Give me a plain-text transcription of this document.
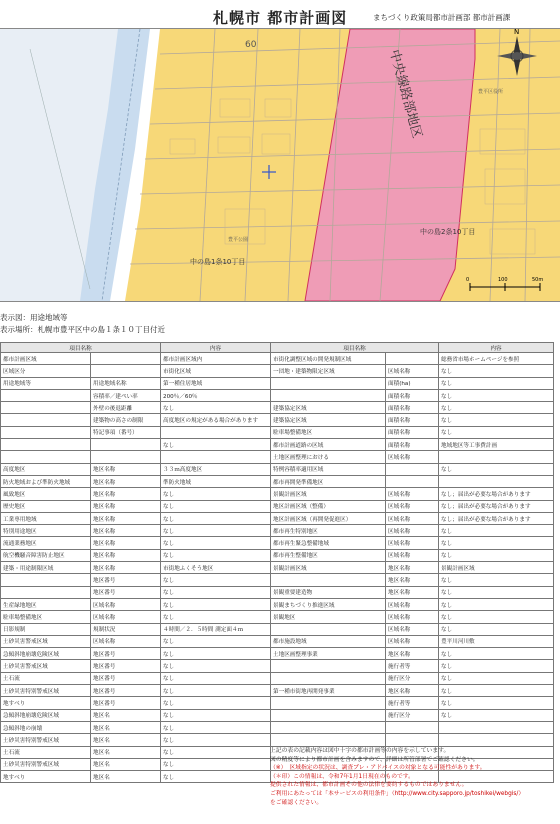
札幌市 都市計画図	まちづくり政策局都市計画部 都市計画課
60
中央線路部地区
中の島2条10丁目
中の島1条10丁目
豊平公園
豊平区役所
N
0	100	50m
表示図：用途地域等
表示場所：札幌市豊平区中の島１条１０丁目付近
項目名称		内容	項目名称		内容
都市計画区域		都市計画区域内	市街化調整区域の開発規制区域		総務省市場ホームページを参照
区域区分		市街化区域	一団地・建築物限定区域	区域名称	なし
用途地域等	用途地域名称	第一種住居地域		面積(ha)	なし
	容積率／建ぺい率	200％／60％		面積名称	なし
	外壁の後退距離	なし	建築協定区域	面積名称	なし
	建築物の高さの制限	高度地区の規定がある場合があります	建築協定区域	面積名称	なし
	特記事項（番号）		駐車場整備地区	面積名称	なし
		なし	都市計画道路の区域	面積名称	地域地区等工事費計画
			土地区画整理における	区域名称	
高度地区	地区名称	３３ｍ高度地区	特例容積率適用区域		なし
防火地域および準防火地域	地区名称	準防火地域	都市再開発準備地区		
風致地区	地区名称	なし	景観計画区域	区域名称	なし；届出が必要な場合があります
歴史地区	地区名称	なし	地区計画区域（整備）	区域名称	なし；届出が必要な場合があります
工業専用地域	地区名称	なし	地区計画区域（再開発促進区）	区域名称	なし；届出が必要な場合があります
特別用途地区	地区名称	なし	都市再生特別地区	区域名称	なし
流通業務地区	地区名称	なし	都市再生緊急整備地域	区域名称	なし
航空機騒音障害防止地区	地区名称	なし	都市再生整備地区	区域名称	なし
建築・用途制限区域	地区名称	市街地ふくそう地区	景観計画区域	地区名称	景観計画区域
	地区番号	なし		地区名称	なし
	地区番号	なし	景観重要建造物	地区名称	なし
生産緑地地区	区域名称	なし	景観まちづくり推進区域	区域名称	なし
駐車場整備地区	区域名称	なし	景観地区	区域名称	なし
日影規制	規制状況	４時間／２．５時間 測定面４ｍ		区域名称	なし
土砂災害警戒区域	区域名称	なし	都市施設地域	区域名称	豊平川河川敷
急傾斜地崩壊危険区域	地区番号	なし	土地区画整理事業	地区名称	なし
土砂災害警戒区域	地区番号	なし		施行者等	なし
土石流	地区番号	なし		施行区分	なし
土砂災害特別警戒区域	地区番号	なし	第一種市街地再開発事業	地区名称	なし
地すべり	地区番号	なし		施行者等	なし
急傾斜地崩壊危険区域	地区名	なし		施行区分	なし
急傾斜地の崩壊	地区名	なし			
土砂災害特別警戒区域	地区名	なし			
土石流	地区名	なし			
土砂災害特別警戒区域	地区名	なし			
地すべり	地区名	なし			
上記の表の記載内容は図中十字の都市計画等の内容を示しています。
図の精度等により都市計画を含みますので、詳細は所管部署でご確認ください。
（※）　区域指定の状況は、調査プレ・アドバイスの対象となる可能性があります。
（＊印）この情報は、令和7年1月1日現在のものです。
提供された情報は、都市計画その他の法律を要約するものではありません。
ご利用にあたっては「本サービスの利用条件」（http://www.city.sapporo.jp/toshikei/webgis/）
をご確認ください。
